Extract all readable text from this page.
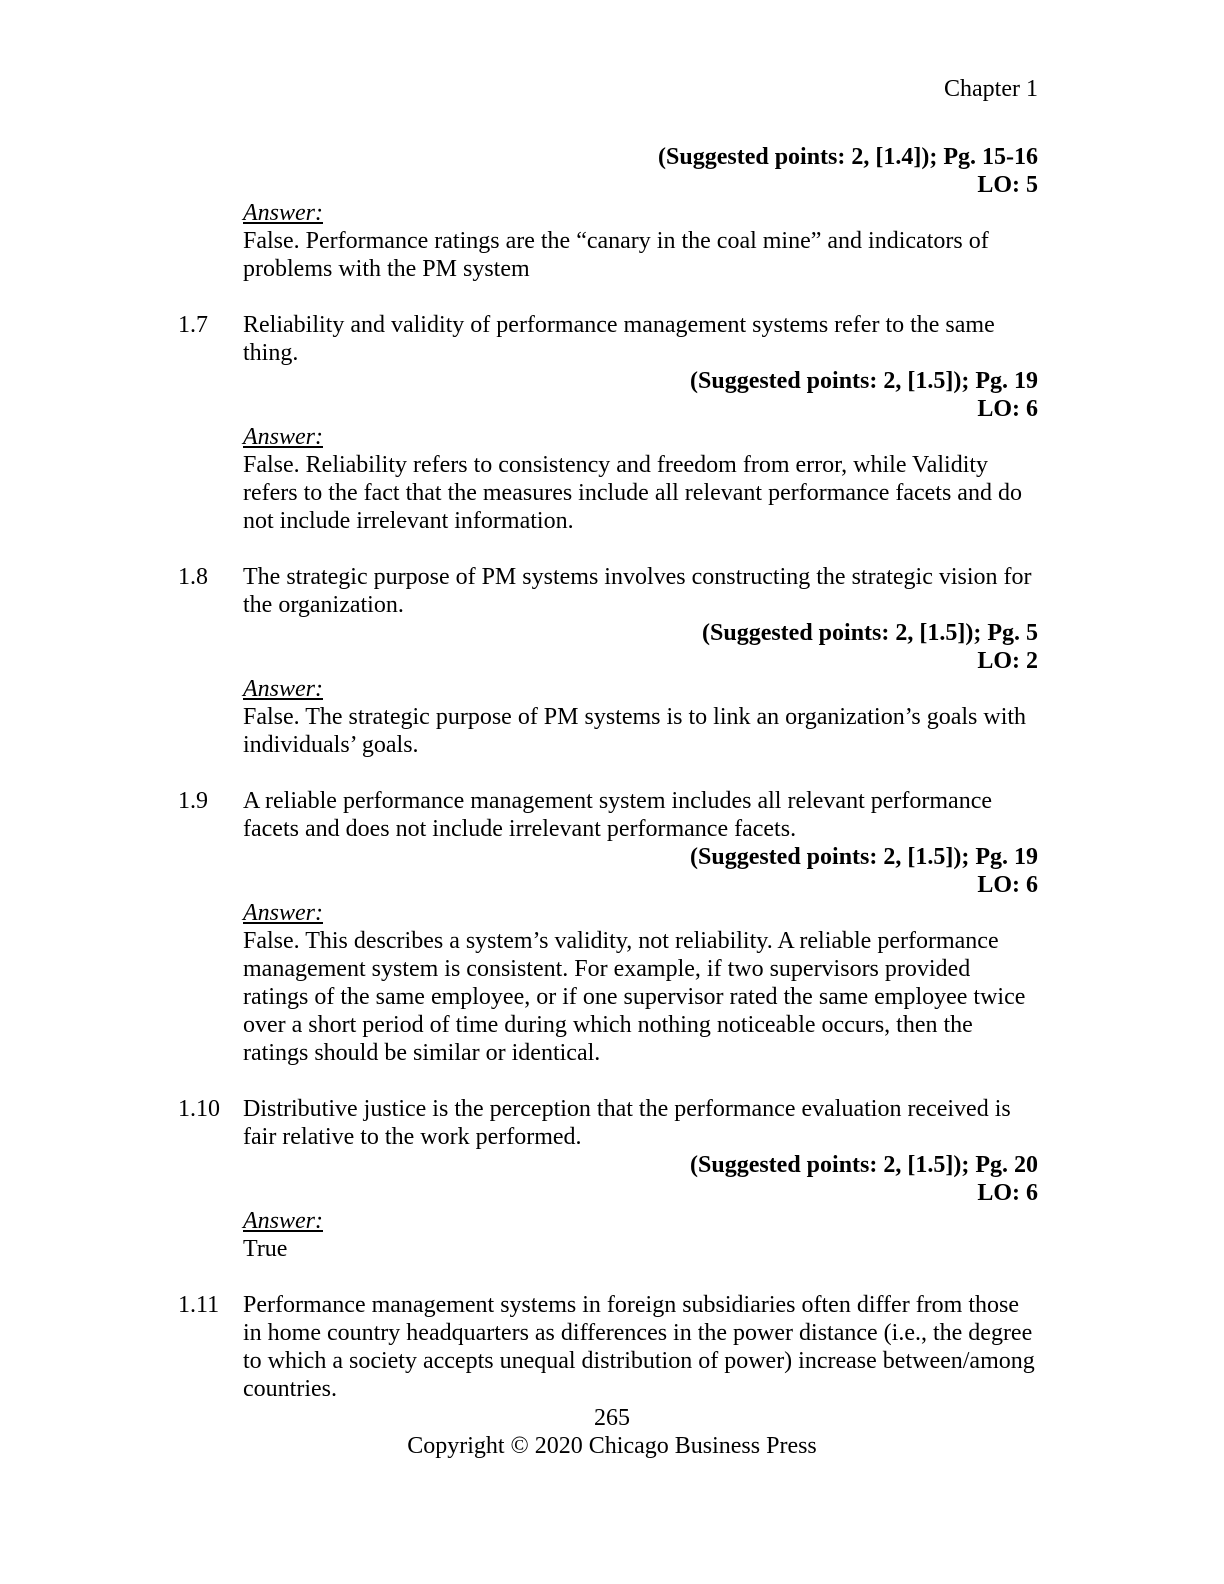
Chapter 1
(Suggested points: 2, [1.4]); Pg. 15-16
LO: 5
Answer:
False. Performance ratings are the “canary in the coal mine” and indicators of problems with the PM system
1.7	Reliability and validity of performance management systems refer to the same thing.
(Suggested points: 2, [1.5]); Pg. 19
LO: 6
Answer:
False. Reliability refers to consistency and freedom from error, while Validity refers to the fact that the measures include all relevant performance facets and do not include irrelevant information.
1.8	The strategic purpose of PM systems involves constructing the strategic vision for the organization.
(Suggested points: 2, [1.5]); Pg. 5
LO: 2
Answer:
False. The strategic purpose of PM systems is to link an organization’s goals with individuals’ goals.
1.9	A reliable performance management system includes all relevant performance facets and does not include irrelevant performance facets.
(Suggested points: 2, [1.5]); Pg. 19
LO: 6
Answer:
False. This describes a system’s validity, not reliability. A reliable performance management system is consistent. For example, if two supervisors provided ratings of the same employee, or if one supervisor rated the same employee twice over a short period of time during which nothing noticeable occurs, then the ratings should be similar or identical.
1.10 Distributive justice is the perception that the performance evaluation received is fair relative to the work performed.
(Suggested points: 2, [1.5]); Pg. 20
LO: 6
Answer:
True
1.11 Performance management systems in foreign subsidiaries often differ from those in home country headquarters as differences in the power distance (i.e., the degree to which a society accepts unequal distribution of power) increase between/among countries.
265
Copyright © 2020 Chicago Business Press
